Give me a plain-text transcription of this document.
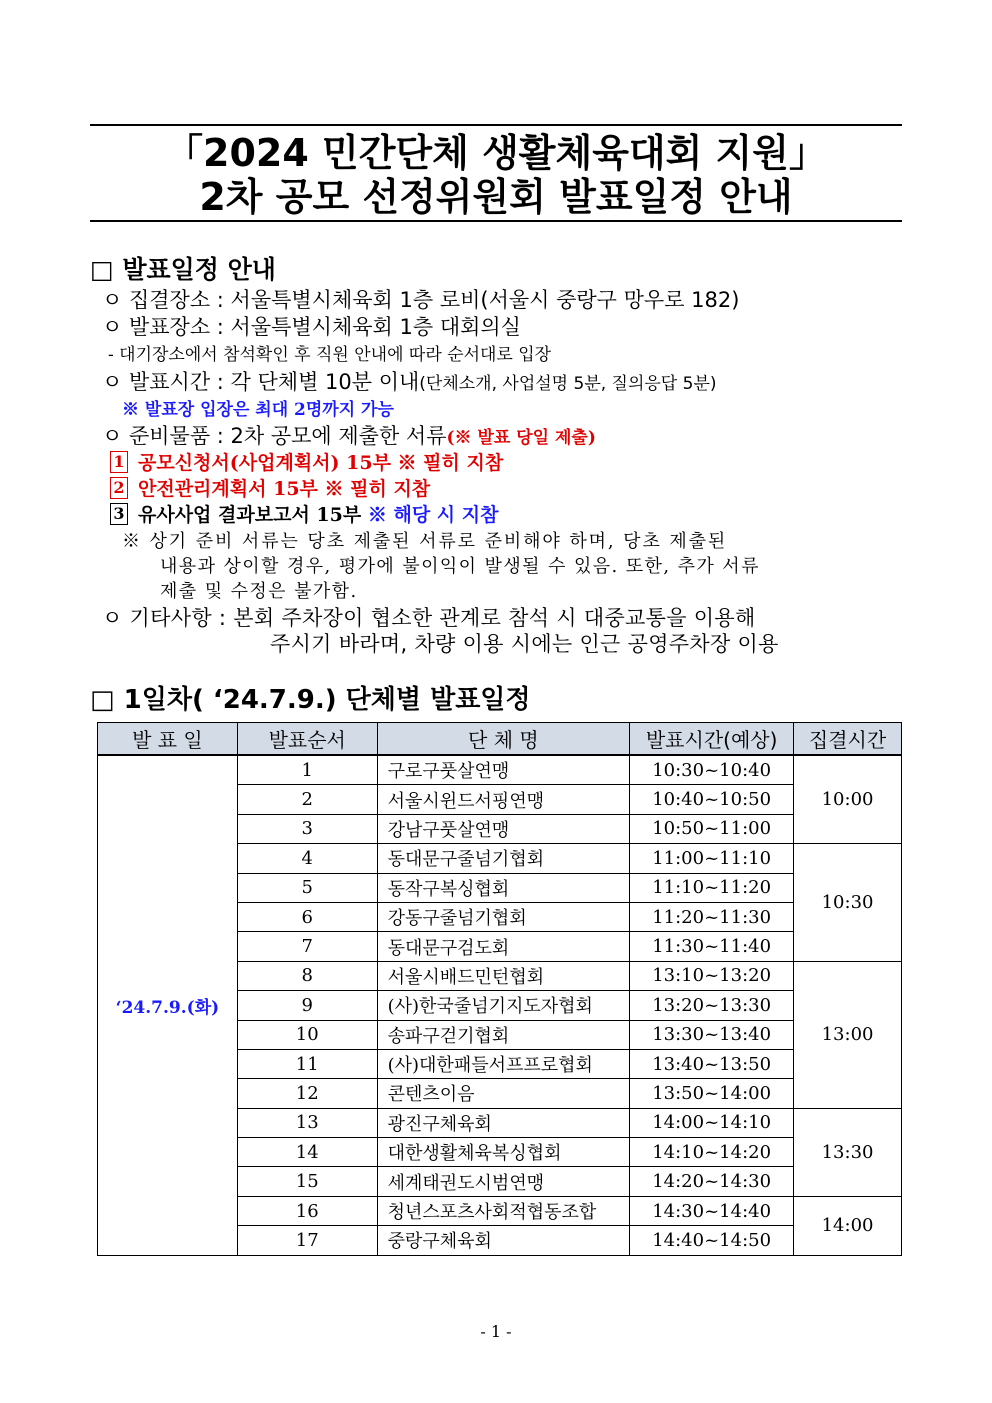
「2024 민간단체 생활체육대회 지원」
2차 공모 선정위원회 발표일정 안내
□ 발표일정 안내
ㅇ 집결장소 : 서울특별시체육회 1층 로비(서울시 중랑구 망우로 182)
ㅇ 발표장소 : 서울특별시체육회 1층 대회의실
- 대기장소에서 참석확인 후 직원 안내에 따라 순서대로 입장
ㅇ 발표시간 : 각 단체별 10분 이내(단체소개, 사업설명 5분, 질의응답 5분)
※ 발표장 입장은 최대 2명까지 가능
ㅇ 준비물품 : 2차 공모에 제출한 서류(※ 발표 당일 제출)
1 공모신청서(사업계획서) 15부 ※ 필히 지참
2 안전관리계획서 15부 ※ 필히 지참
3 유사사업 결과보고서 15부 ※ 해당 시 지참
※ 상기 준비 서류는 당초 제출된 서류로 준비해야 하며, 당초 제출된
내용과 상이할 경우, 평가에 불이익이 발생될 수 있음. 또한, 추가 서류
제출 및 수정은 불가함.
ㅇ 기타사항 : 본회 주차장이 협소한 관계로 참석 시 대중교통을 이용해
주시기 바라며, 차량 이용 시에는 인근 공영주차장 이용
□ 1일차( ‘24.7.9.) 단체별 발표일정
발 표 일	발표순서	단 체 명	발표시간(예상)	집결시간
‘24.7.9.(화)	1	구로구풋살연맹	10:30~10:40	10:00
	2	서울시윈드서핑연맹	10:40~10:50	
	3	강남구풋살연맹	10:50~11:00	
	4	동대문구줄넘기협회	11:00~11:10	10:30
	5	동작구복싱협회	11:10~11:20	
	6	강동구줄넘기협회	11:20~11:30	
	7	동대문구검도회	11:30~11:40	
	8	서울시배드민턴협회	13:10~13:20	13:00
	9	(사)한국줄넘기지도자협회	13:20~13:30	
	10	송파구걷기협회	13:30~13:40	
	11	(사)대한패들서프프로협회	13:40~13:50	
	12	콘텐츠이음	13:50~14:00	
	13	광진구체육회	14:00~14:10	13:30
	14	대한생활체육복싱협회	14:10~14:20	
	15	세계태권도시범연맹	14:20~14:30	
	16	청년스포츠사회적협동조합	14:30~14:40	14:00
	17	중랑구체육회	14:40~14:50	
- 1 -
